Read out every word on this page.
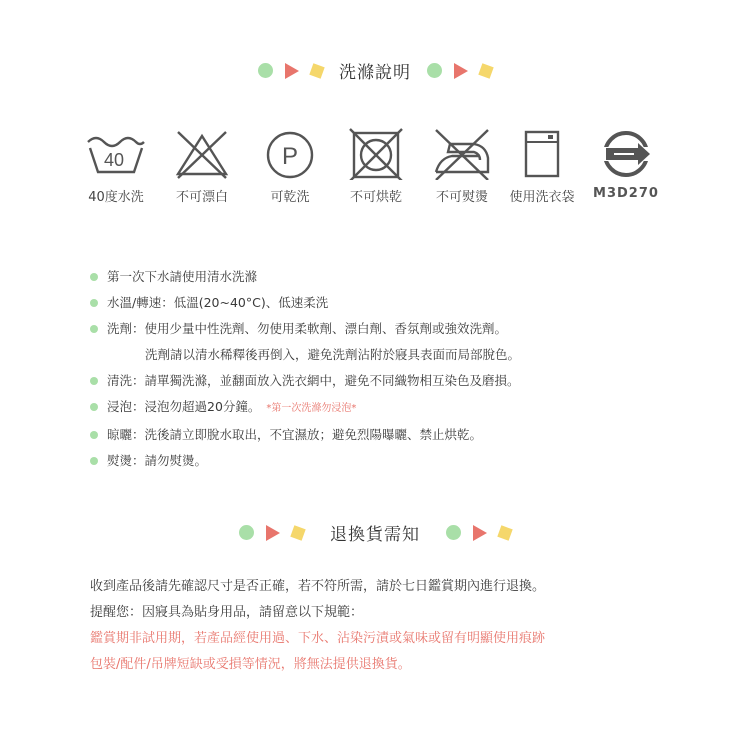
洗滌說明
40
40度水洗	不可漂白
P
可乾洗	不可烘乾	不可熨燙	使用洗衣袋	M3D270
第一次下水請使用清水洗滌
水溫/轉速：低溫(20~40°C)、低速柔洗
洗劑：使用少量中性洗劑、勿使用柔軟劑、漂白劑、香氛劑或強效洗劑。
洗劑請以清水稀釋後再倒入，避免洗劑沾附於寢具表面而局部脫色。
清洗：請單獨洗滌，並翻面放入洗衣網中，避免不同織物相互染色及磨損。
浸泡：浸泡勿超過20分鐘。 *第一次洗滌勿浸泡*
晾曬：洗後請立即脫水取出，不宜濕放；避免烈陽曝曬、禁止烘乾。
熨燙：請勿熨燙。
退換貨需知

收到產品後請先確認尺寸是否正確，若不符所需，請於七日鑑賞期內進行退換。

提醒您：因寢具為貼身用品，請留意以下規範：

鑑賞期非試用期，若產品經使用過、下水、沾染污漬或氣味或留有明顯使用痕跡

包裝/配件/吊牌短缺或受損等情況，將無法提供退換貨。
